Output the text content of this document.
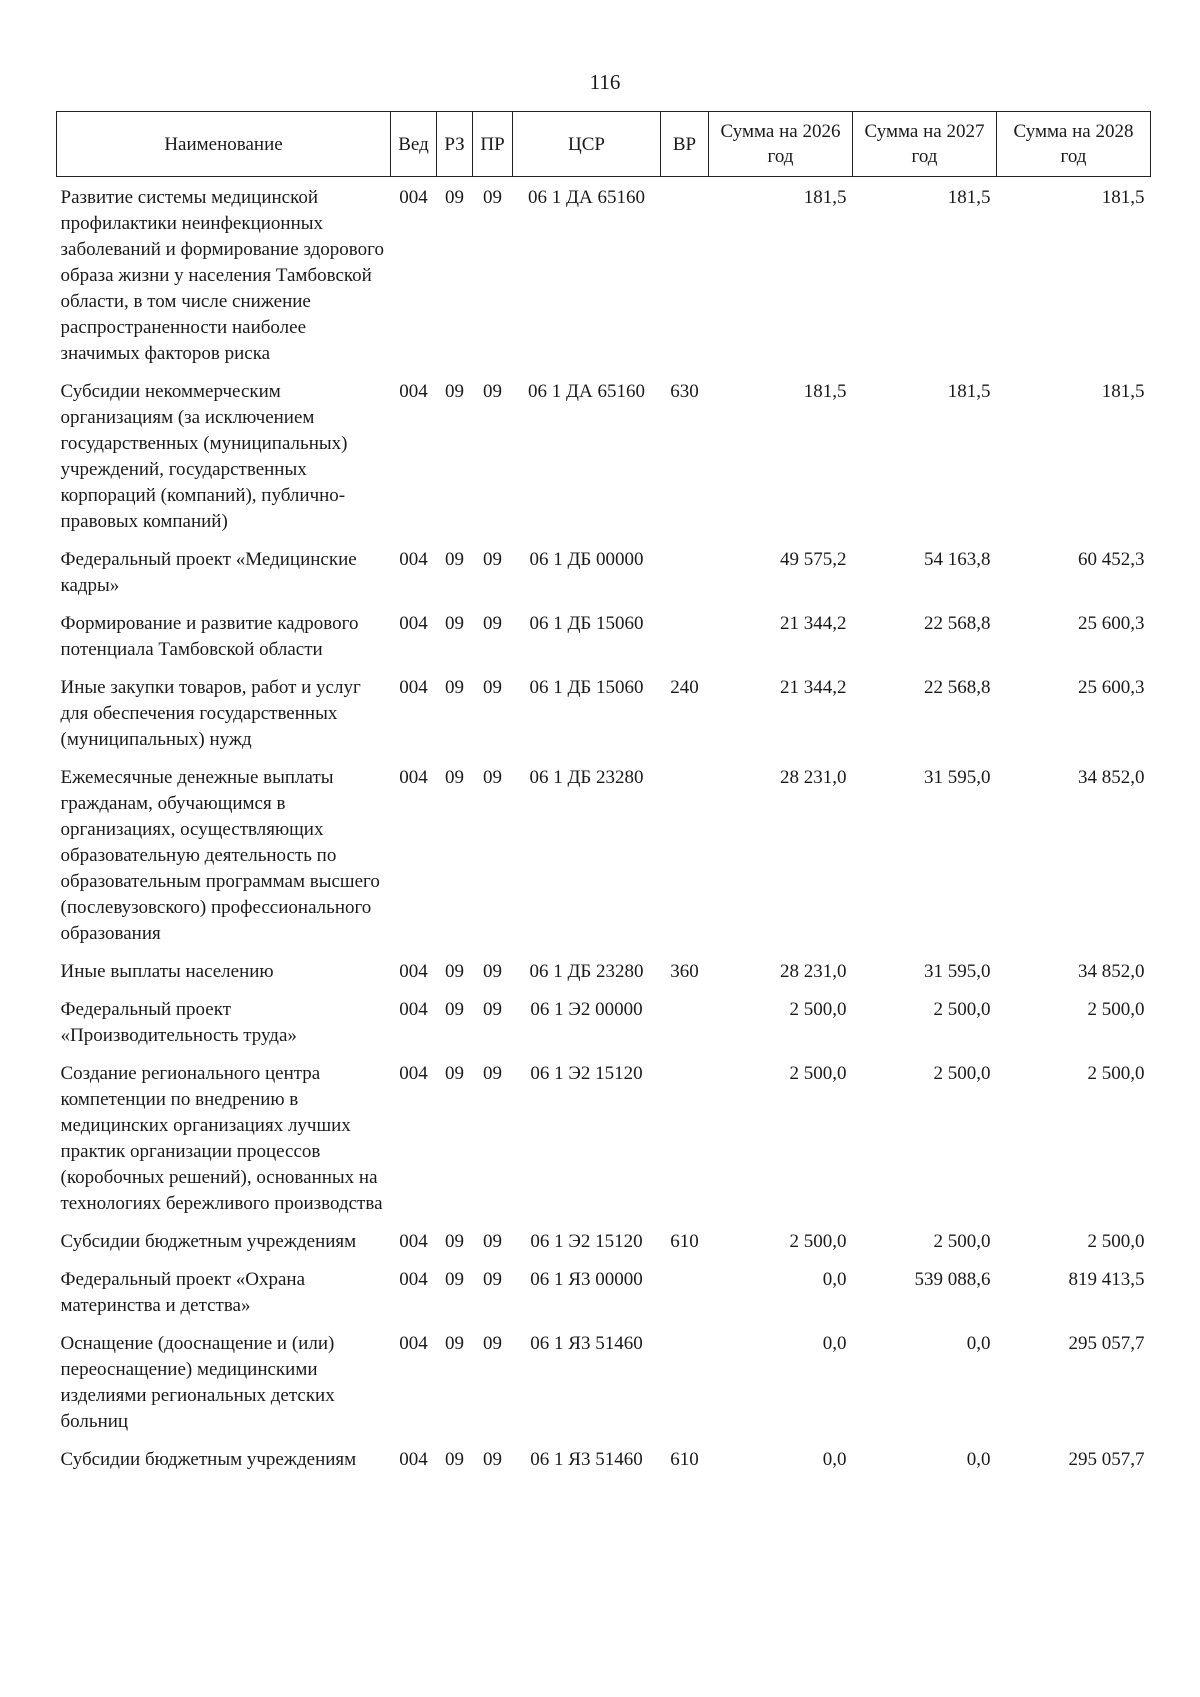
116
Наименование	Вед	РЗ	ПР	ЦСР	ВР	Сумма на 2026 год	Сумма на 2027 год	Сумма на 2028 год
Развитие системы медицинской профилактики неинфекционных заболеваний и формирование здорового образа жизни у населения Тамбовской области, в том числе снижение распространенности наиболее значимых факторов риска	004	09	09	06 1 ДА 65160		181,5	181,5	181,5
Субсидии некоммерческим организациям (за исключением государственных (муниципальных) учреждений, государственных корпораций (компаний), публично-правовых компаний)	004	09	09	06 1 ДА 65160	630	181,5	181,5	181,5
Федеральный проект «Медицинские кадры»	004	09	09	06 1 ДБ 00000		49 575,2	54 163,8	60 452,3
Формирование и развитие кадрового потенциала Тамбовской области	004	09	09	06 1 ДБ 15060		21 344,2	22 568,8	25 600,3
Иные закупки товаров, работ и услуг для обеспечения государственных (муниципальных) нужд	004	09	09	06 1 ДБ 15060	240	21 344,2	22 568,8	25 600,3
Ежемесячные денежные выплаты гражданам, обучающимся в организациях, осуществляющих образовательную деятельность по образовательным программам высшего (послевузовского) профессионального образования	004	09	09	06 1 ДБ 23280		28 231,0	31 595,0	34 852,0
Иные выплаты населению	004	09	09	06 1 ДБ 23280	360	28 231,0	31 595,0	34 852,0
Федеральный проект «Производительность труда»	004	09	09	06 1 Э2 00000		2 500,0	2 500,0	2 500,0
Создание регионального центра компетенции по внедрению в медицинских организациях лучших практик организации процессов (коробочных решений), основанных на технологиях бережливого производства	004	09	09	06 1 Э2 15120		2 500,0	2 500,0	2 500,0
Субсидии бюджетным учреждениям	004	09	09	06 1 Э2 15120	610	2 500,0	2 500,0	2 500,0
Федеральный проект «Охрана материнства и детства»	004	09	09	06 1 Я3 00000		0,0	539 088,6	819 413,5
Оснащение (дооснащение и (или) переоснащение) медицинскими изделиями региональных детских больниц	004	09	09	06 1 Я3 51460		0,0	0,0	295 057,7
Субсидии бюджетным учреждениям	004	09	09	06 1 Я3 51460	610	0,0	0,0	295 057,7
